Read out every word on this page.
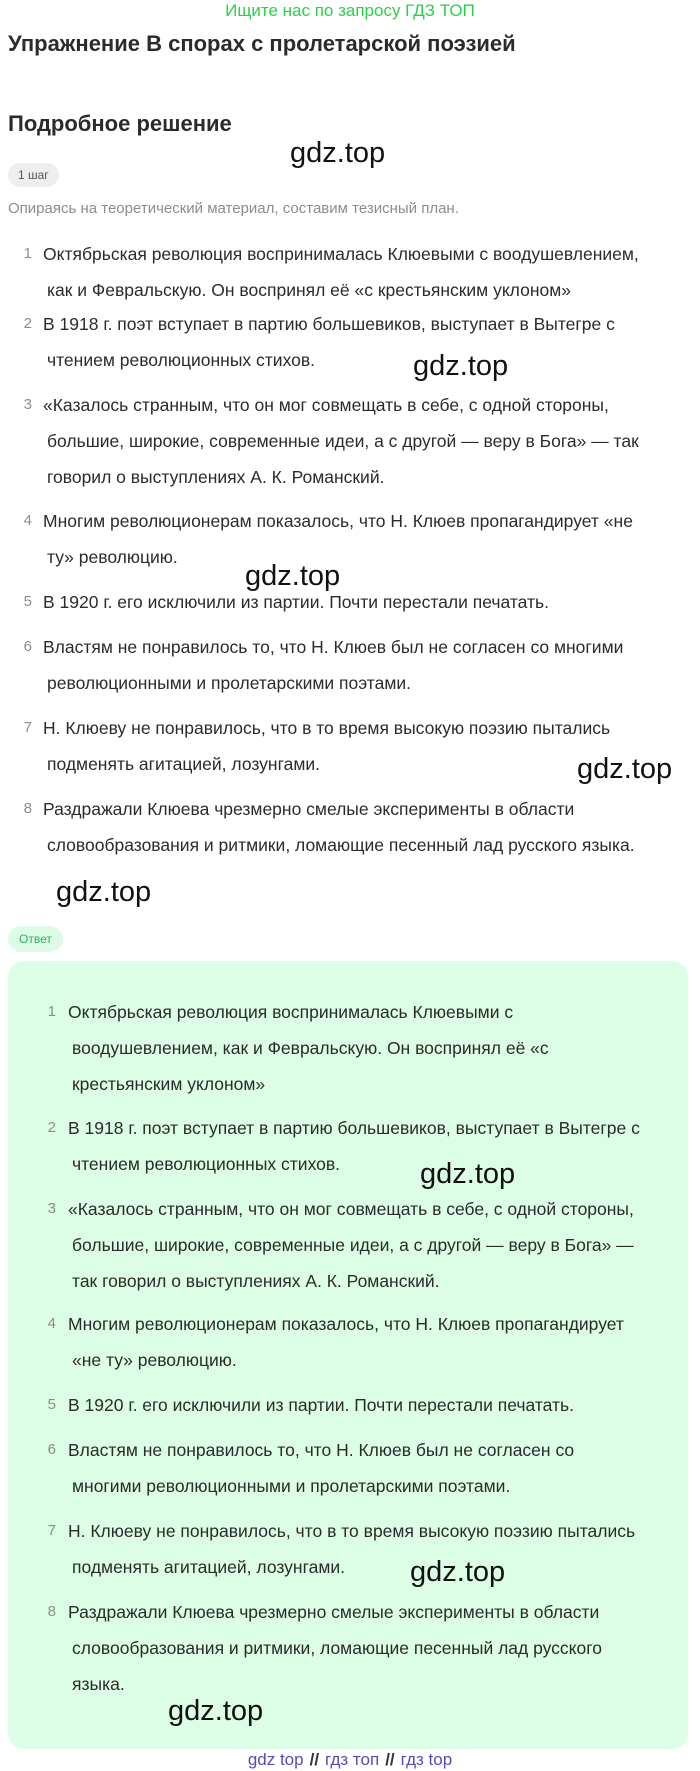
Ищите нас по запросу ГДЗ ТОП
Упражнение В спорах с пролетарской поэзией
Подробное решение
1 шаг
Опираясь на теоретический материал, составим тезисный план.
1 Октябрьская революция воспринималась Клюевыми с воодушевлением,
как и Февральскую. Он воспринял её «с крестьянским уклоном»
2 В 1918 г. поэт вступает в партию большевиков, выступает в Вытегре с
чтением революционных стихов.
3 «Казалось странным, что он мог совмещать в себе, с одной стороны,
большие, широкие, современные идеи, а с другой — веру в Бога» — так
говорил о выступлениях А. К. Романский.
4 Многим революционерам показалось, что Н. Клюев пропагандирует «не
ту» революцию.
5 В 1920 г. его исключили из партии. Почти перестали печатать.
6 Властям не понравилось то, что Н. Клюев был не согласен со многими
революционными и пролетарскими поэтами.
7 Н. Клюеву не понравилось, что в то время высокую поэзию пытались
подменять агитацией, лозунгами.
8 Раздражали Клюева чрезмерно смелые эксперименты в области
словообразования и ритмики, ломающие песенный лад русского языка.
Ответ
1 Октябрьская революция воспринималась Клюевыми с
воодушевлением, как и Февральскую. Он воспринял её «с
крестьянским уклоном»
2 В 1918 г. поэт вступает в партию большевиков, выступает в Вытегре с
чтением революционных стихов.
3 «Казалось странным, что он мог совмещать в себе, с одной стороны,
большие, широкие, современные идеи, а с другой — веру в Бога» —
так говорил о выступлениях А. К. Романский.
4 Многим революционерам показалось, что Н. Клюев пропагандирует
«не ту» революцию.
5 В 1920 г. его исключили из партии. Почти перестали печатать.
6 Властям не понравилось то, что Н. Клюев был не согласен со
многими революционными и пролетарскими поэтами.
7 Н. Клюеву не понравилось, что в то время высокую поэзию пытались
подменять агитацией, лозунгами.
8 Раздражали Клюева чрезмерно смелые эксперименты в области
словообразования и ритмики, ломающие песенный лад русского
языка.
gdz.top
gdz.top
gdz.top
gdz.top
gdz.top
gdz.top
gdz.top
gdz.top
gdz top // гдз топ // гдз top
